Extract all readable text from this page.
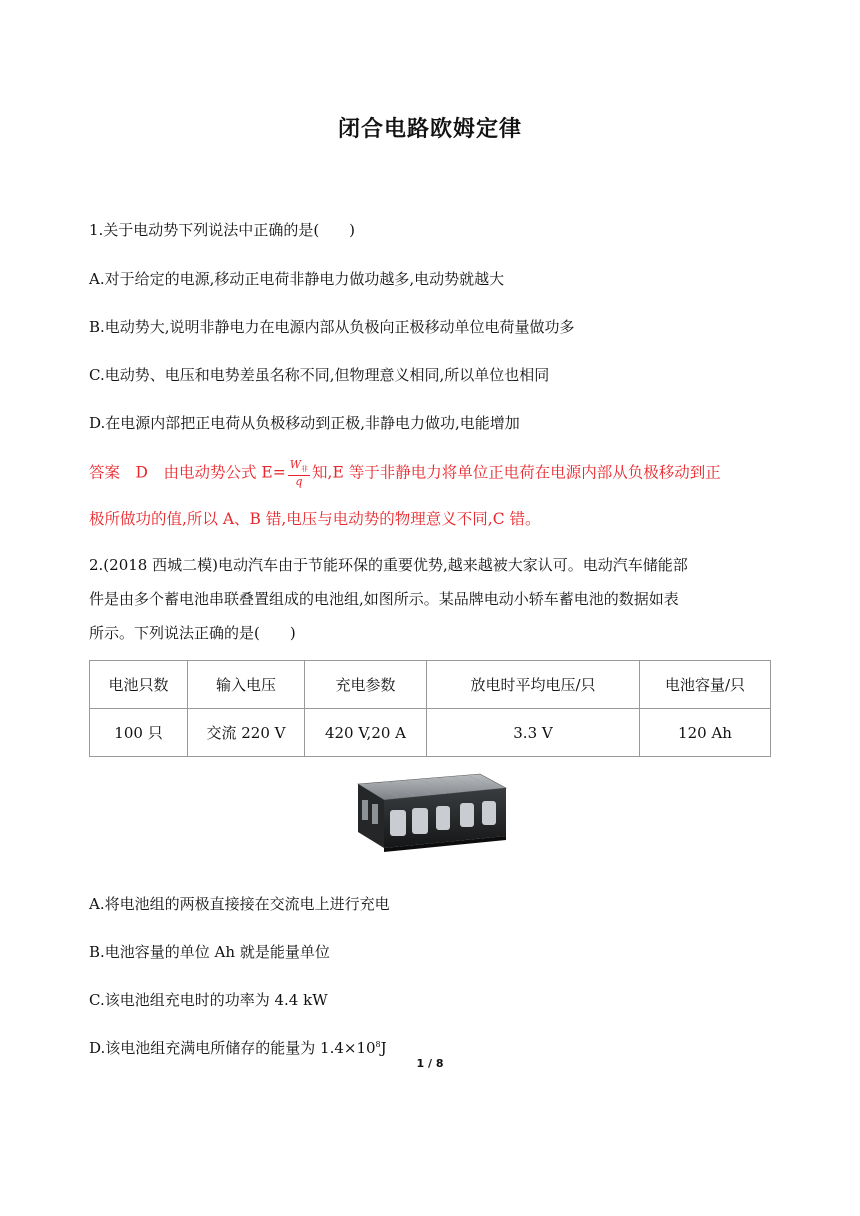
闭合电路欧姆定律
1.关于电动势下列说法中正确的是(　　)
A.对于给定的电源,移动正电荷非静电力做功越多,电动势就越大
B.电动势大,说明非静电力在电源内部从负极向正极移动单位电荷量做功多
C.电动势、电压和电势差虽名称不同,但物理意义相同,所以单位也相同
D.在电源内部把正电荷从负极移动到正极,非静电力做功,电能增加
答案　 D　 由电动势公式 $E= \frac{W_非}{q}$ 知,E 等于非静电力将单位正电荷在电源内部从负极移动到正
极所做功的值,所以 A、B 错,电压与电动势的物理意义不同,C 错。
2.(2018 西城二模)电动汽车由于节能环保的重要优势,越来越被大家认可。电动汽车储能部
件是由多个蓄电池串联叠置组成的电池组,如图所示。某品牌电动小轿车蓄电池的数据如表
所示。下列说法正确的是(　　)
电池只数	输入电压	充电参数	放电时平均电压/只	电池容量/只
100 只	交流 220 V	420 V,20 A	3.3 V	120 Ah
A.将电池组的两极直接接在交流电上进行充电
B.电池容量的单位 Ah 就是能量单位
C.该电池组充电时的功率为 4.4 kW
D.该电池组充满电所储存的能量为 $1.4\times 10^8J$
1 / 8
